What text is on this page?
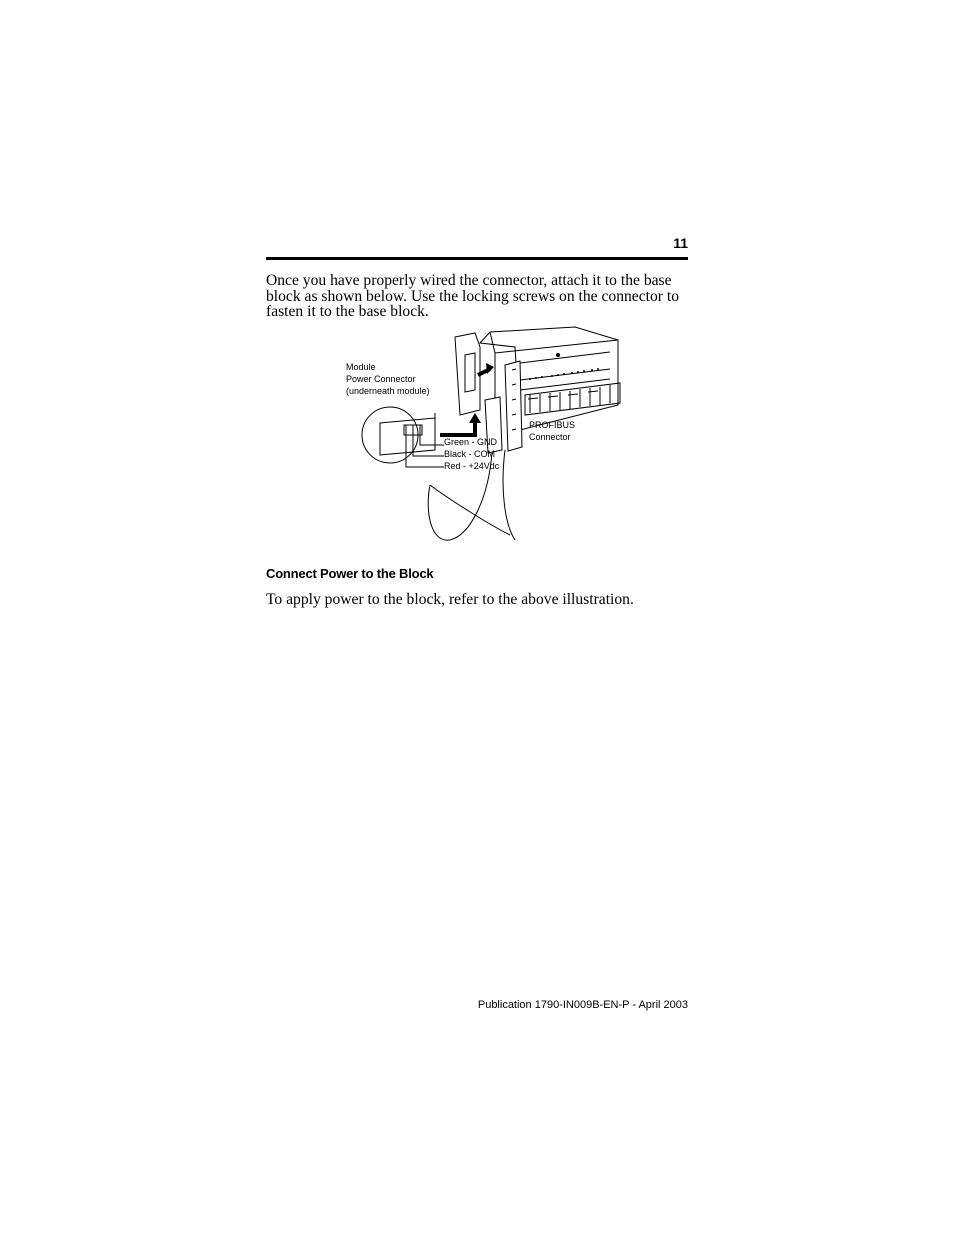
11

Once you have properly wired the connector, attach it to the base block as shown below. Use the locking screws on the connector to fasten it to the base block.

Module
Power Connector
(underneath module)
Green - GND
Black - COM
Red - +24Vdc
PROFIBUS
Connector
Connect Power to the Block

To apply power to the block, refer to the above illustration.

Publication 1790-IN009B-EN-P - April 2003
